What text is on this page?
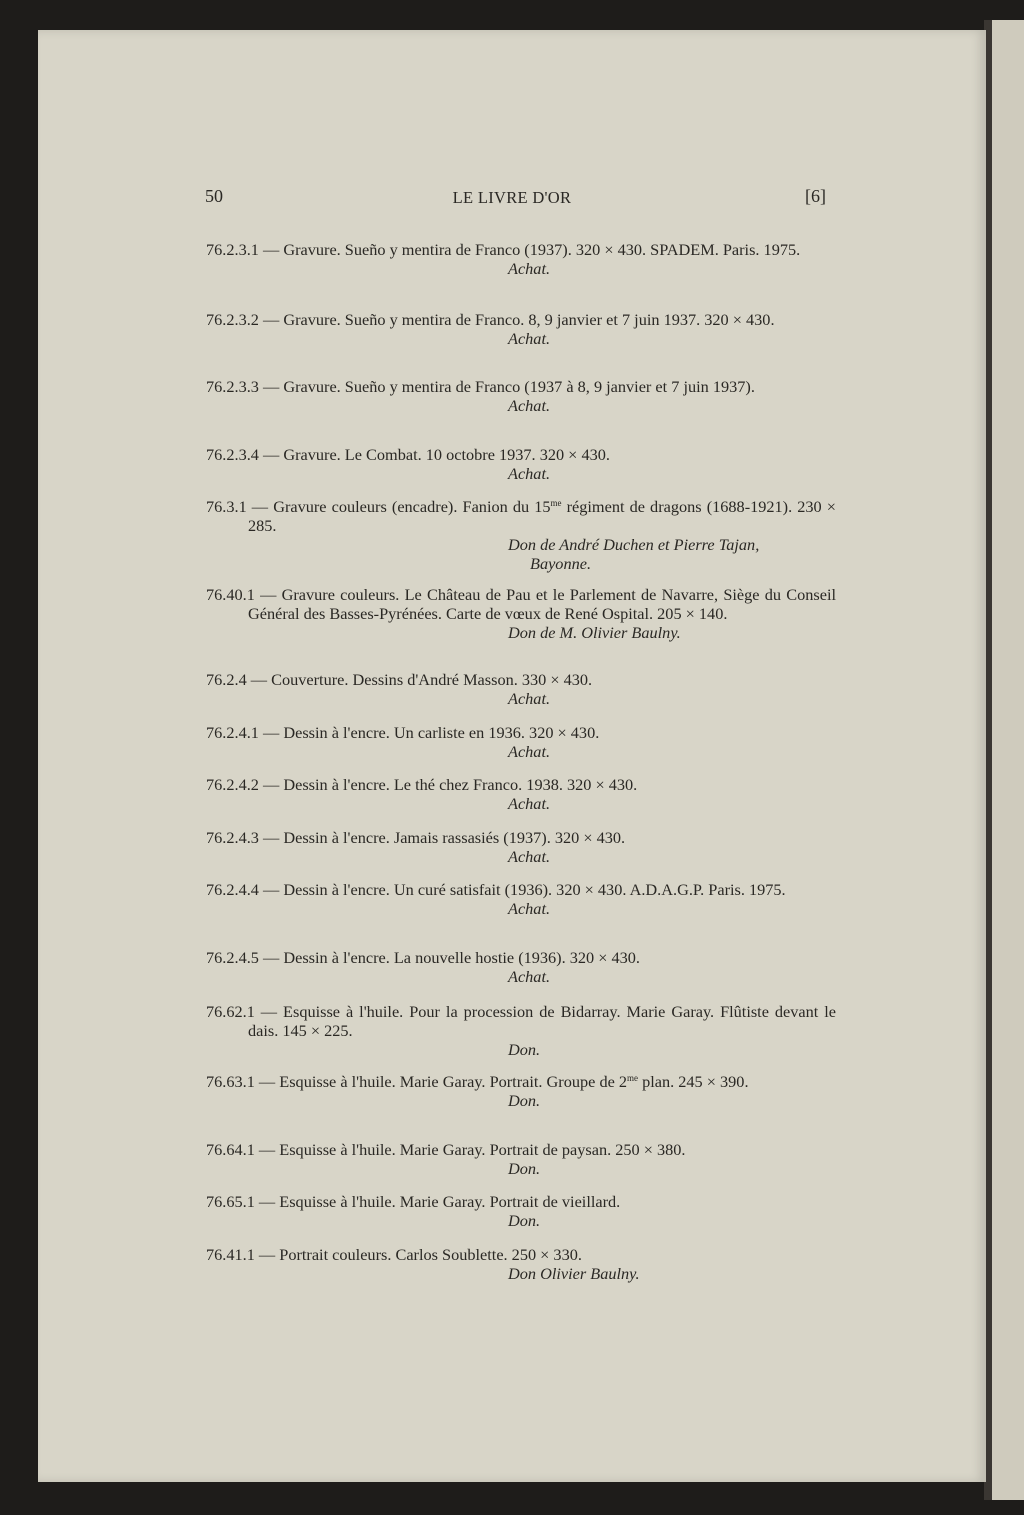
50	LE LIVRE D'OR	[6]
76.2.3.1 — Gravure. Sueño y mentira de Franco (1937). 320 × 430. SPADEM. Paris. 1975.
Achat.
76.2.3.2 — Gravure. Sueño y mentira de Franco. 8, 9 janvier et 7 juin 1937. 320 × 430.
Achat.
76.2.3.3 — Gravure. Sueño y mentira de Franco (1937 à 8, 9 janvier et 7 juin 1937).
Achat.
76.2.3.4 — Gravure. Le Combat. 10 octobre 1937. 320 × 430.
Achat.
76.3.1 — Gravure couleurs (encadre). Fanion du $15^{me}$ régiment de dragons (1688-1921). 230 × 285.
Don de André Duchen et Pierre Tajan,
Bayonne.
76.40.1 — Gravure couleurs. Le Château de Pau et le Parlement de Navarre, Siège du Conseil Général des Basses-Pyrénées. Carte de vœux de René Ospital. 205 × 140.
Don de M. Olivier Baulny.
76.2.4 — Couverture. Dessins d'André Masson. 330 × 430.
Achat.
76.2.4.1 — Dessin à l'encre. Un carliste en 1936. 320 × 430.
Achat.
76.2.4.2 — Dessin à l'encre. Le thé chez Franco. 1938. 320 × 430.
Achat.
76.2.4.3 — Dessin à l'encre. Jamais rassasiés (1937). 320 × 430.
Achat.
76.2.4.4 — Dessin à l'encre. Un curé satisfait (1936). 320 × 430. A.D.A.G.P. Paris. 1975.
Achat.
76.2.4.5 — Dessin à l'encre. La nouvelle hostie (1936). 320 × 430.
Achat.
76.62.1 — Esquisse à l'huile. Pour la procession de Bidarray. Marie Garay. Flûtiste devant le dais. 145 × 225.
Don.
76.63.1 — Esquisse à l'huile. Marie Garay. Portrait. Groupe de $2^{me}$ plan. 245 × 390.
Don.
76.64.1 — Esquisse à l'huile. Marie Garay. Portrait de paysan. 250 × 380.
Don.
76.65.1 — Esquisse à l'huile. Marie Garay. Portrait de vieillard.
Don.
76.41.1 — Portrait couleurs. Carlos Soublette. 250 × 330.
Don Olivier Baulny.
